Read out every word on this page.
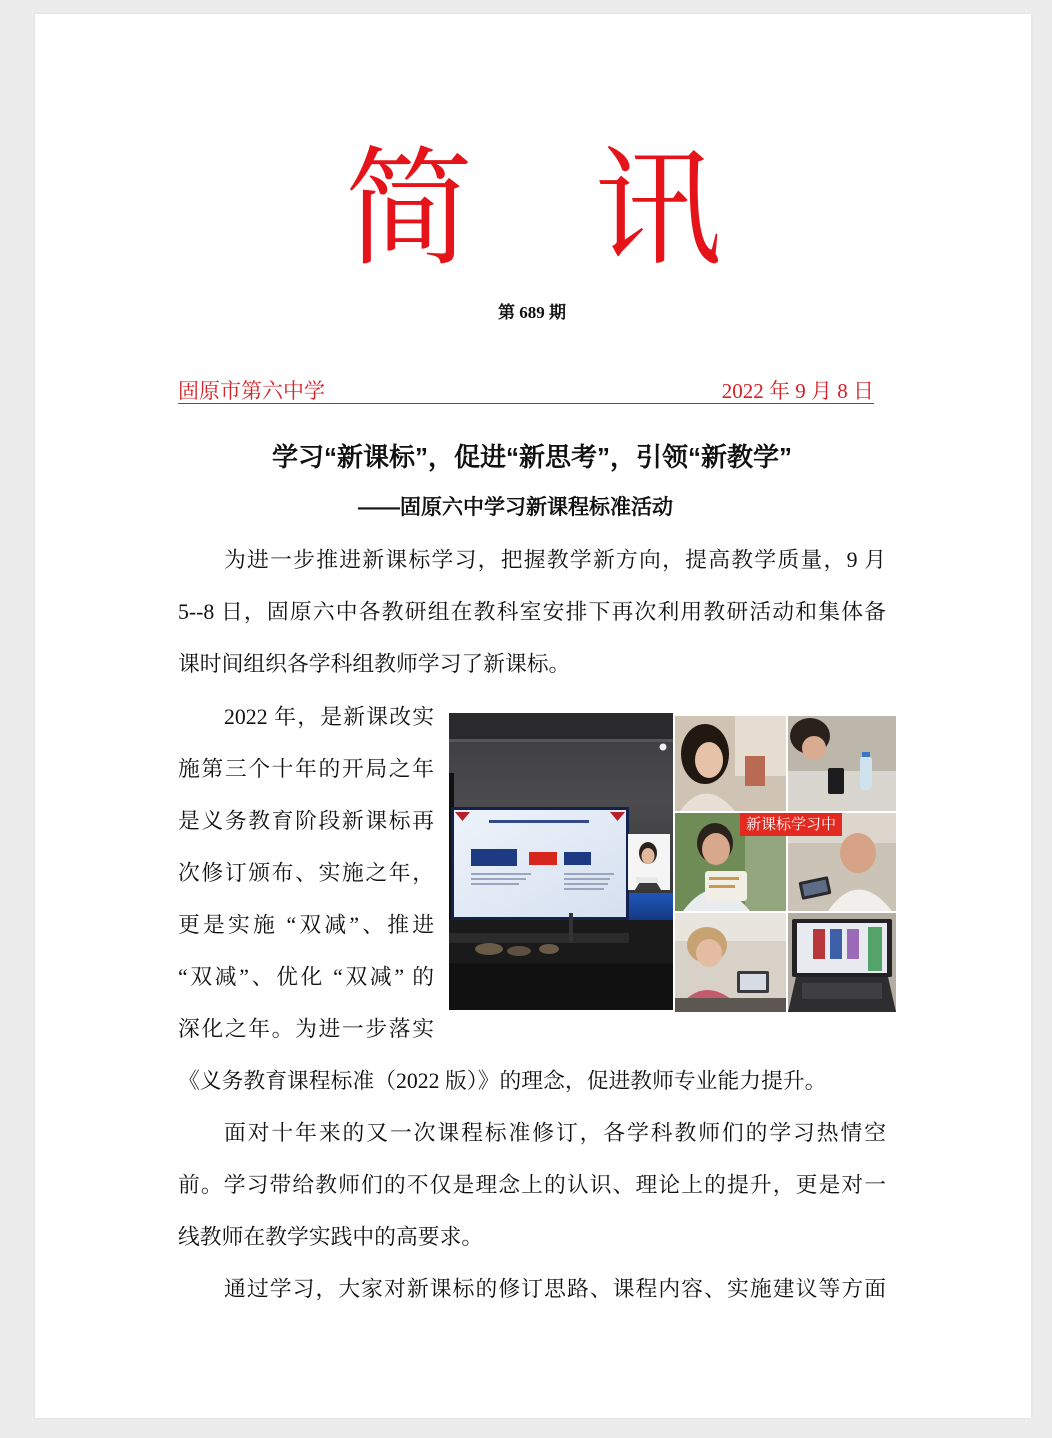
简 讯
第 689 期
固原市第六中学	2022 年 9 月 8 日
学习“新课标”，促进“新思考”，引领“新教学”
——固原六中学习新课程标准活动
为进一步推进新课标学习，把握教学新方向，提高教学质量，9 月
5--8 日，固原六中各教研组在教科室安排下再次利用教研活动和集体备
课时间组织各学科组教师学习了新课标。
2022 年，是新课改实
施第三个十年的开局之年
是义务教育阶段新课标再
次修订颁布、实施之年，
更是实施 “双减”、推进
“双减”、优化 “双减” 的
深化之年。为进一步落实
《义务教育课程标准（2022 版）》的理念，促进教师专业能力提升。
面对十年来的又一次课程标准修订，各学科教师们的学习热情空
前。学习带给教师们的不仅是理念上的认识、理论上的提升，更是对一
线教师在教学实践中的高要求。
通过学习，大家对新课标的修订思路、课程内容、实施建议等方面
新课标学习中
